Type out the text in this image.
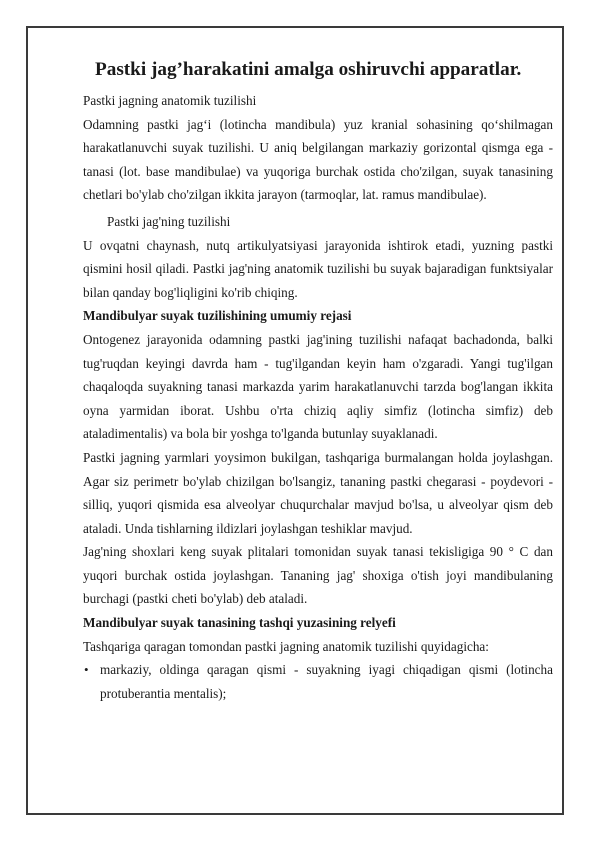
Pastki jag’harakatini amalga oshiruvchi apparatlar.

Pastki jagning anatomik tuzilishi

Odamning pastki jag‘i (lotincha mandibula) yuz kranial sohasining qo‘shilmagan harakatlanuvchi suyak tuzilishi. U aniq belgilangan markaziy gorizontal qismga ega - tanasi (lot. base mandibulae) va yuqoriga burchak ostida cho'zilgan, suyak tanasining chetlari bo'ylab cho'zilgan ikkita jarayon (tarmoqlar, lat. ramus mandibulae).

Pastki jag'ning tuzilishi

U ovqatni chaynash, nutq artikulyatsiyasi jarayonida ishtirok etadi, yuzning pastki qismini hosil qiladi. Pastki jag'ning anatomik tuzilishi bu suyak bajaradigan funktsiyalar bilan qanday bog'liqligini ko'rib chiqing.

Mandibulyar suyak tuzilishining umumiy rejasi

Ontogenez jarayonida odamning pastki jag'ining tuzilishi nafaqat bachadonda, balki tug'ruqdan keyingi davrda ham - tug'ilgandan keyin ham o'zgaradi. Yangi tug'ilgan chaqaloqda suyakning tanasi markazda yarim harakatlanuvchi tarzda bog'langan ikkita oyna yarmidan iborat. Ushbu o'rta chiziq aqliy simfiz (lotincha simfiz) deb ataladimentalis) va bola bir yoshga to'lganda butunlay suyaklanadi.

Pastki jagning yarmlari yoysimon bukilgan, tashqariga burmalangan holda joylashgan. Agar siz perimetr bo'ylab chizilgan bo'lsangiz, tananing pastki chegarasi - poydevori - silliq, yuqori qismida esa alveolyar chuqurchalar mavjud bo'lsa, u alveolyar qism deb ataladi. Unda tishlarning ildizlari joylashgan teshiklar mavjud.

Jag'ning shoxlari keng suyak plitalari tomonidan suyak tanasi tekisligiga 90 ° C dan yuqori burchak ostida joylashgan. Tananing jag' shoxiga o'tish joyi mandibulaning burchagi (pastki cheti bo'ylab) deb ataladi.

Mandibulyar suyak tanasining tashqi yuzasining relyefi

Tashqariga qaragan tomondan pastki jagning anatomik tuzilishi quyidagicha:

• markaziy, oldinga qaragan qismi - suyakning iyagi chiqadigan qismi (lotincha protuberantia mentalis);
